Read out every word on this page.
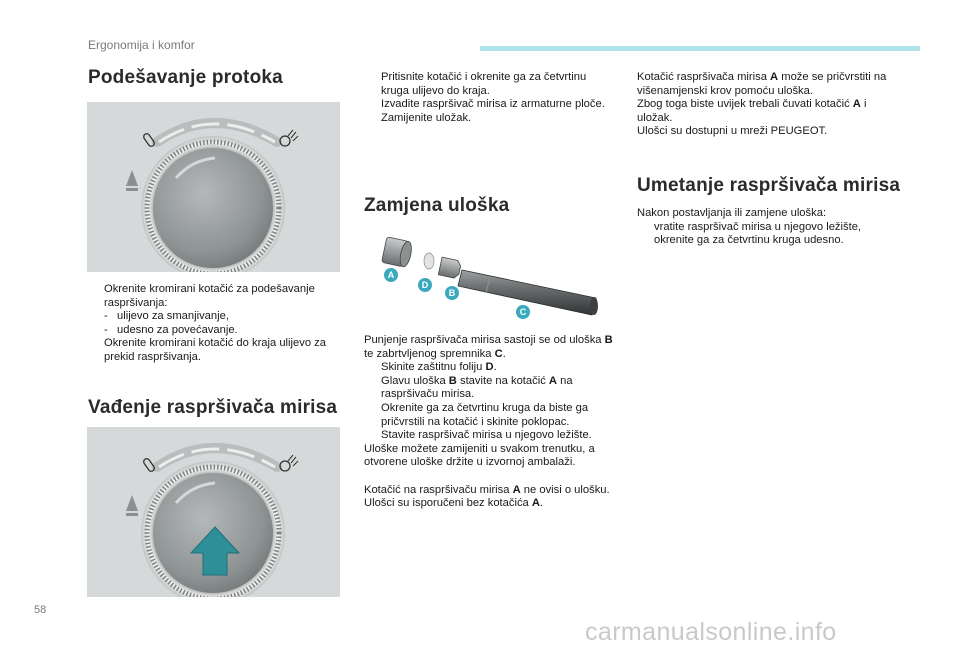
Ergonomija i komfor
Podešavanje protoka
Okrenite kromirani kotačić za podešavanje raspršivanja:
- ulijevo za smanjivanje,
- udesno za povećavanje.
Okrenite kromirani kotačić do kraja ulijevo za prekid raspršivanja.
Vađenje raspršivača mirisa
Pritisnite kotačić i okrenite ga za četvrtinu kruga ulijevo do kraja.
Izvadite raspršivač mirisa iz armaturne ploče.
Zamijenite uložak.
Zamjena uloška
A
D
B
C

Punjenje raspršivača mirisa sastoji se od uloška B te zabrtvljenog spremnika C.

Skinite zaštitnu foliju D.
Glavu uloška B stavite na kotačić A na raspršivaču mirisa.
Okrenite ga za četvrtinu kruga da biste ga pričvrstili na kotačić i skinite poklopac.
Stavite raspršivač mirisa u njegovo ležište.

Uloške možete zamijeniti u svakom trenutku, a otvorene uloške držite u izvornoj ambalaži.

Kotačić na raspršivaču mirisa A ne ovisi o ulošku. Ulošci su isporučeni bez kotačića A.

Kotačić raspršivača mirisa A može se pričvrstiti na višenamjenski krov pomoću uloška.

Zbog toga biste uvijek trebali čuvati kotačić A i uložak.

Ulošci su dostupni u mreži PEUGEOT.

Umetanje raspršivača mirisa

Nakon postavljanja ili zamjene uloška:

vratite raspršivač mirisa u njegovo ležište,
okrenite ga za četvrtinu kruga udesno.
58
carmanualsonline.info
